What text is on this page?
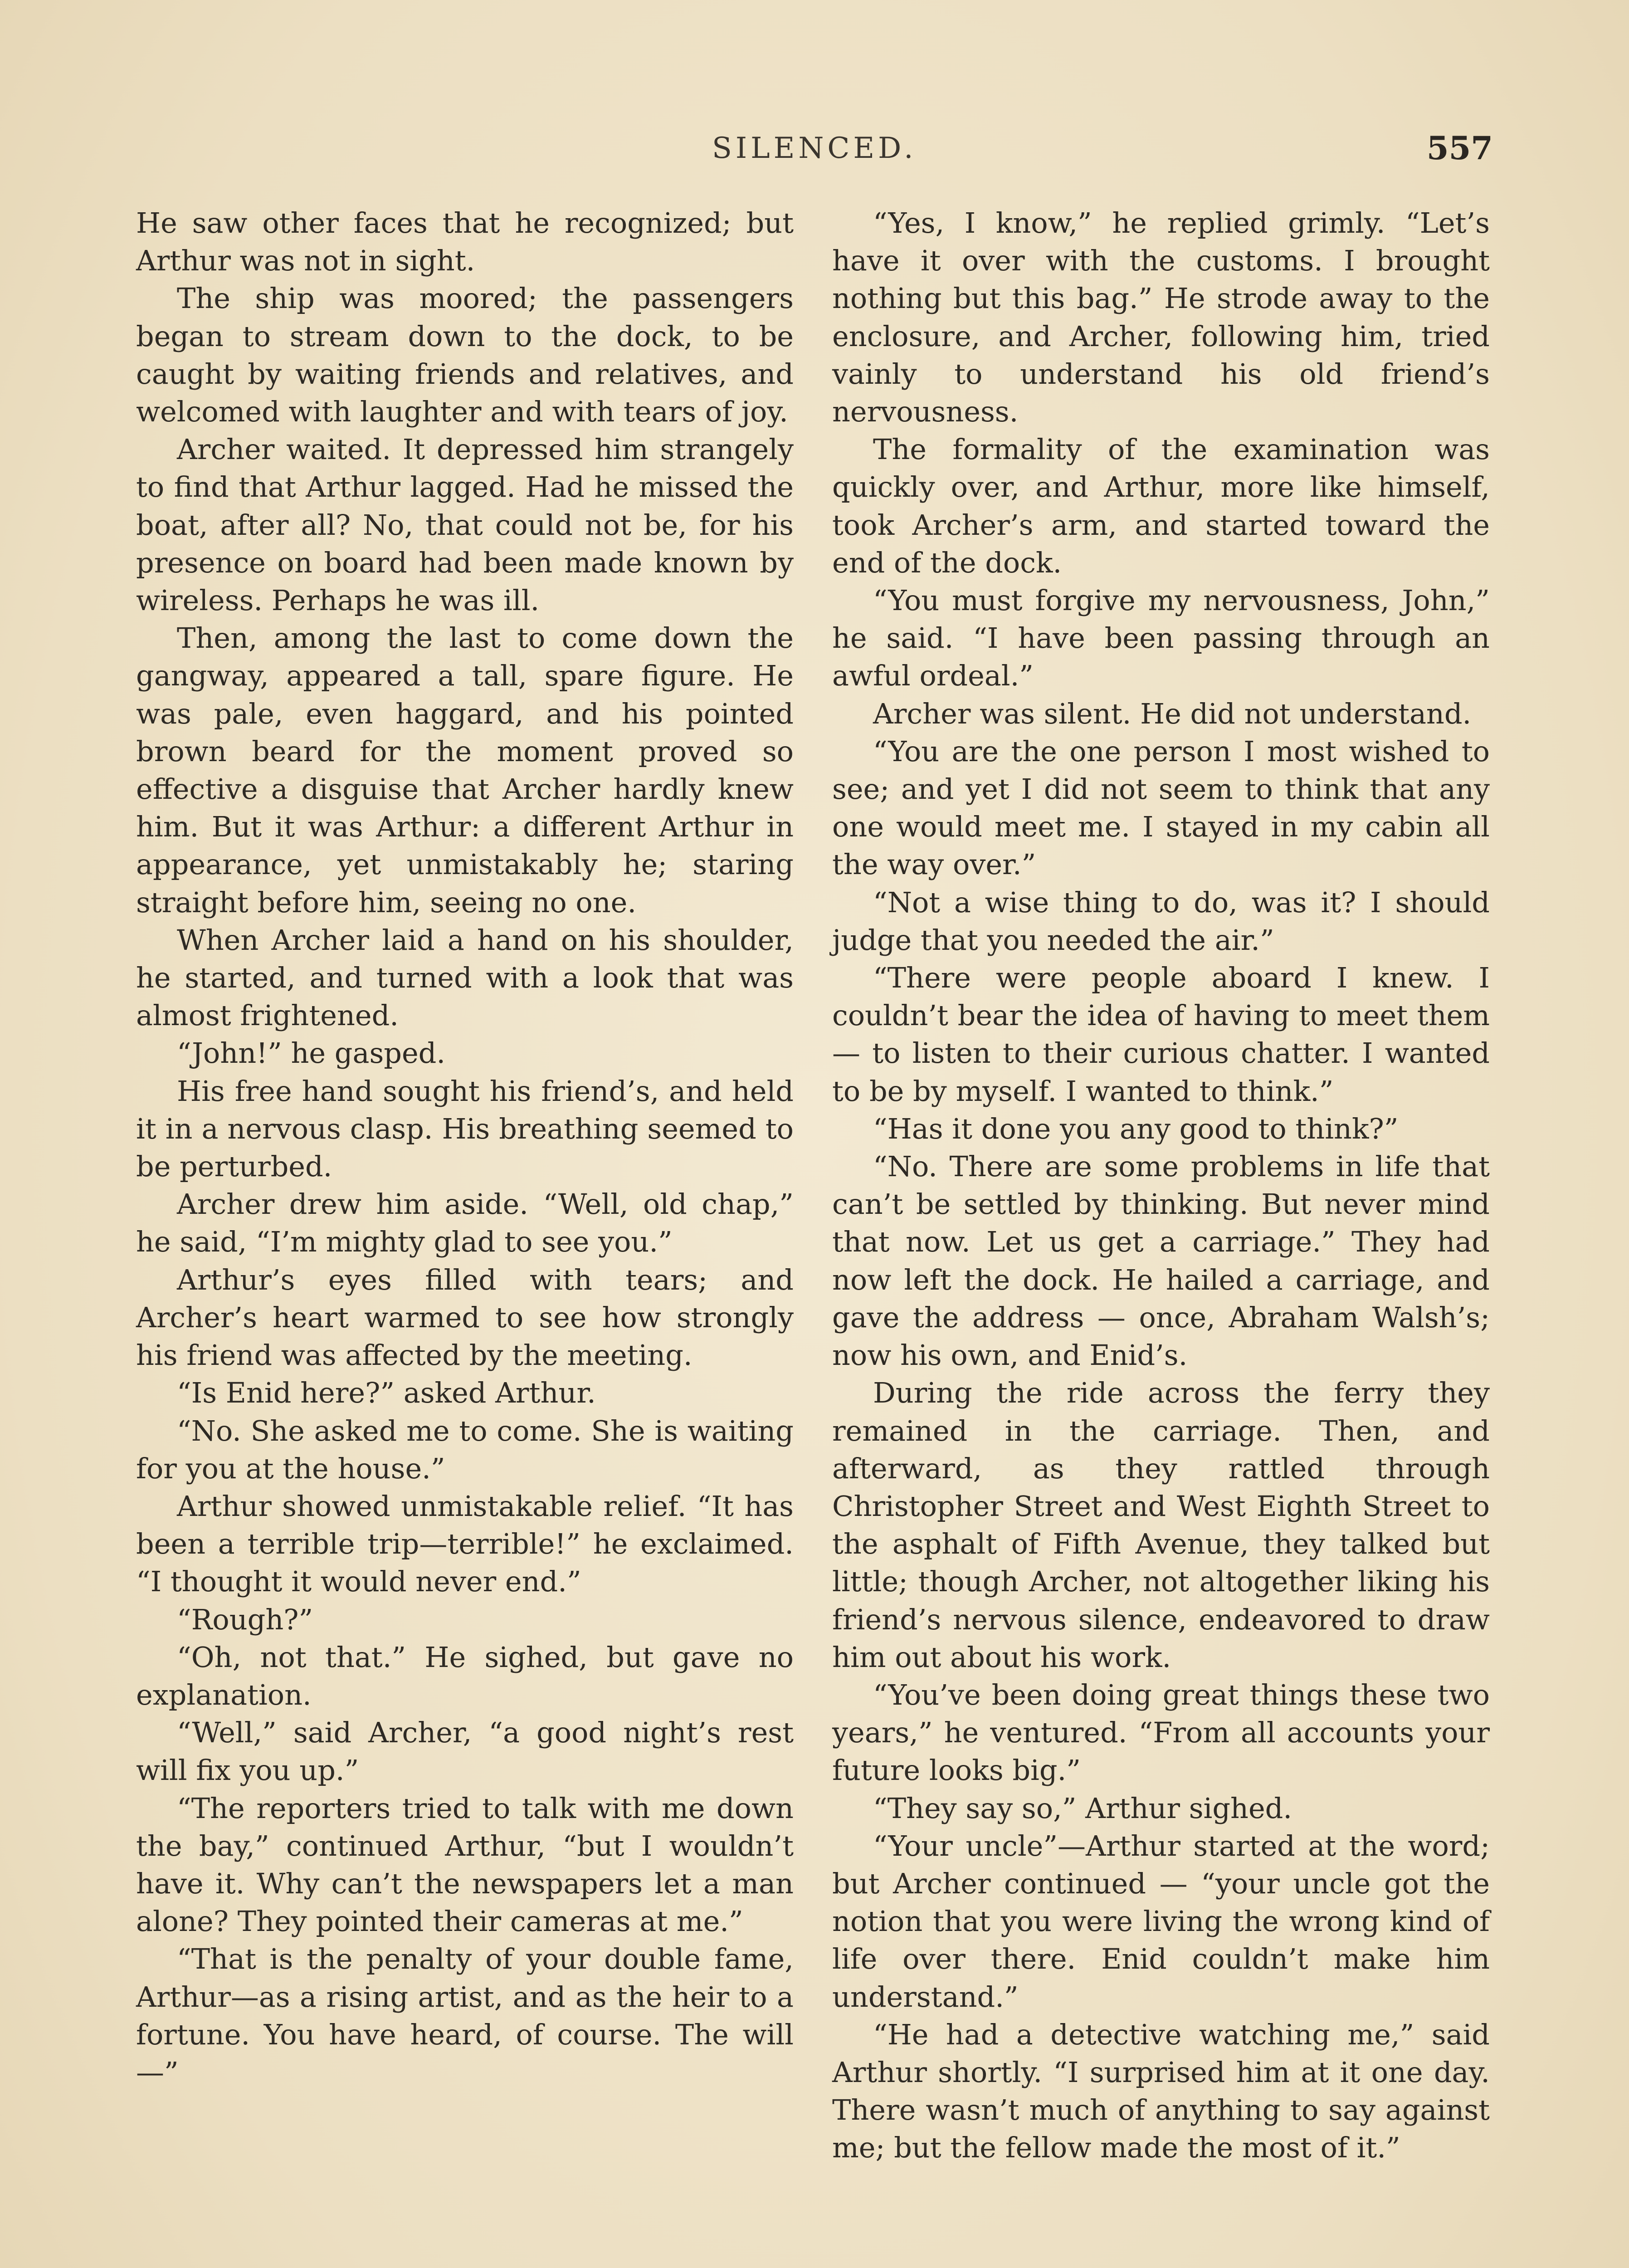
SILENCED.	557

He saw other faces that he recognized; but Arthur was not in sight.

The ship was moored; the passengers began to stream down to the dock, to be caught by waiting friends and relatives, and welcomed with laughter and with tears of joy.

Archer waited. It depressed him strangely to find that Arthur lagged. Had he missed the boat, after all? No, that could not be, for his presence on board had been made known by wireless. Perhaps he was ill.

Then, among the last to come down the gangway, appeared a tall, spare figure. He was pale, even haggard, and his pointed brown beard for the moment proved so effective a disguise that Archer hardly knew him. But it was Arthur: a different Arthur in appearance, yet unmistakably he; staring straight before him, seeing no one.

When Archer laid a hand on his shoulder, he started, and turned with a look that was almost frightened.

“John!” he gasped.

His free hand sought his friend’s, and held it in a nervous clasp. His breathing seemed to be perturbed.

Archer drew him aside. “Well, old chap,” he said, “I’m mighty glad to see you.”

Arthur’s eyes filled with tears; and Archer’s heart warmed to see how strongly his friend was affected by the meeting.

“Is Enid here?” asked Arthur.

“No. She asked me to come. She is waiting for you at the house.”

Arthur showed unmistakable relief. “It has been a terrible trip—terrible!” he exclaimed. “I thought it would never end.”

“Rough?”

“Oh, not that.” He sighed, but gave no explanation.

“Well,” said Archer, “a good night’s rest will fix you up.”

“The reporters tried to talk with me down the bay,” continued Arthur, “but I wouldn’t have it. Why can’t the newspapers let a man alone? They pointed their cameras at me.”

“That is the penalty of your double fame, Arthur—as a rising artist, and as the heir to a fortune. You have heard, of course. The will—”

“Yes, I know,” he replied grimly. “Let’s have it over with the customs. I brought nothing but this bag.” He strode away to the enclosure, and Archer, following him, tried vainly to understand his old friend’s nervousness.

The formality of the examination was quickly over, and Arthur, more like himself, took Archer’s arm, and started toward the end of the dock.

“You must forgive my nervousness, John,” he said. “I have been passing through an awful ordeal.”

Archer was silent. He did not understand.

“You are the one person I most wished to see; and yet I did not seem to think that any one would meet me. I stayed in my cabin all the way over.”

“Not a wise thing to do, was it? I should judge that you needed the air.”

“There were people aboard I knew. I couldn’t bear the idea of having to meet them — to listen to their curious chatter. I wanted to be by myself. I wanted to think.”

“Has it done you any good to think?”

“No. There are some problems in life that can’t be settled by thinking. But never mind that now. Let us get a carriage.” They had now left the dock. He hailed a carriage, and gave the address — once, Abraham Walsh’s; now his own, and Enid’s.

During the ride across the ferry they remained in the carriage. Then, and afterward, as they rattled through Christopher Street and West Eighth Street to the asphalt of Fifth Avenue, they talked but little; though Archer, not altogether liking his friend’s nervous silence, endeavored to draw him out about his work.

“You’ve been doing great things these two years,” he ventured. “From all accounts your future looks big.”

“They say so,” Arthur sighed.

“Your uncle”—Arthur started at the word; but Archer continued — “your uncle got the notion that you were living the wrong kind of life over there. Enid couldn’t make him understand.”

“He had a detective watching me,” said Arthur shortly. “I surprised him at it one day. There wasn’t much of anything to say against me; but the fellow made the most of it.”
